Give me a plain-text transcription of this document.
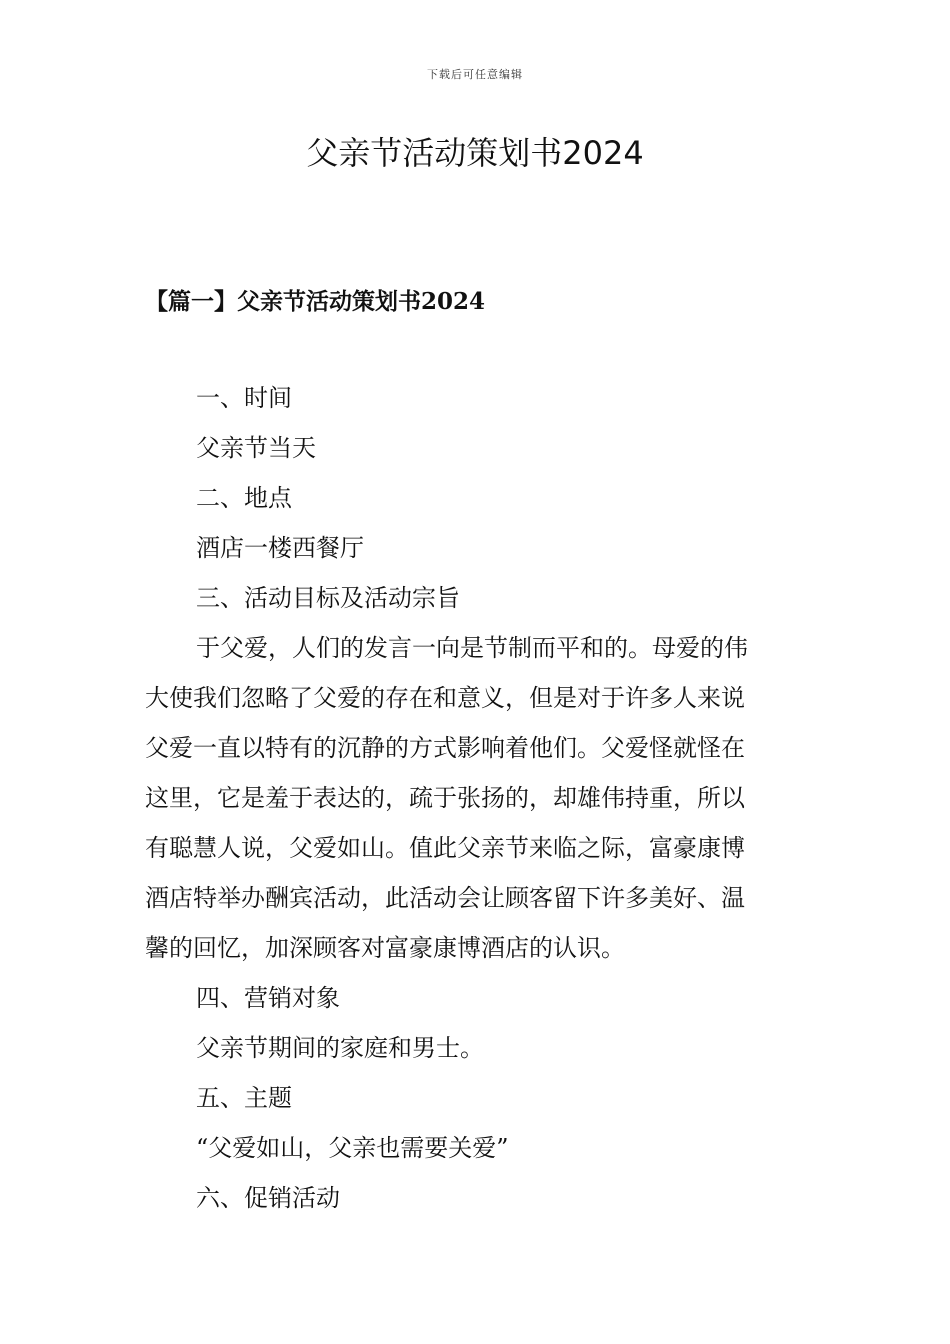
下载后可任意编辑
父亲节活动策划书2024
【篇一】父亲节活动策划书2024
一、时间
父亲节当天
二、地点
酒店一楼西餐厅
三、活动目标及活动宗旨
于父爱，人们的发言一向是节制而平和的。母爱的伟
大使我们忽略了父爱的存在和意义，但是对于许多人来说
父爱一直以特有的沉静的方式影响着他们。父爱怪就怪在
这里，它是羞于表达的，疏于张扬的，却雄伟持重，所以
有聪慧人说，父爱如山。值此父亲节来临之际，富豪康博
酒店特举办酬宾活动，此活动会让顾客留下许多美好、温
馨的回忆，加深顾客对富豪康博酒店的认识。
四、营销对象
父亲节期间的家庭和男士。
五、主题
“父爱如山，父亲也需要关爱”
六、促销活动
